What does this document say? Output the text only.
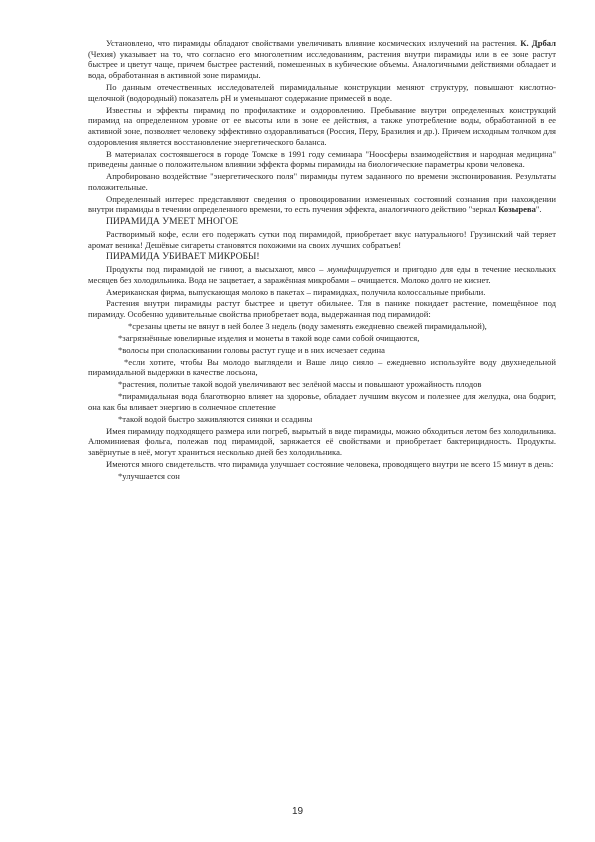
Установлено, что пирамиды обладают свойствами увеличивать влияние космических излучений на растения. К. Дрбал (Чехия) указывает на то, что согласно его многолетним исследованиям, растения внутри пирамиды или в ее зоне растут быстрее и цветут чаще, причем быстрее растений, помешенных в кубические объемы. Аналогичными действиями обладает и вода, обработанная в активной зоне пирамиды.

По данным отечественных исследователей пирамидальные конструкции меняют структуру, повышают кислотно-щелочной (водородный) показатель рН и уменьшают содержание примесей в воде.

Известны и эффекты пирамид по профилактике и оздоровлению. Пребывание внутри определенных конструкций пирамид на определенном уровне от ее высоты или в зоне ее действия, а также употребление воды, обработанной в ее активной зоне, позволяет человеку эффективно оздоравливаться (Россия, Перу, Бразилия и др.). Причем исходным толчком для оздоровления является восстановление энергетического баланса.

В материалах состоявшегося в городе Томске в 1991 году семинара "Ноосферы взаимодействия и народная медицина" приведены данные о положительном влиянии эффекта формы пирамиды на биологические параметры крови человека.

Апробировано воздействие "энергетического поля" пирамиды путем заданного по времени экспонирования. Результаты положительные.

Определенный интерес представляют сведения о провоцировании измененных состояний сознания при нахождении внутри пирамиды в течении определенного времени, то есть пучения эффекта, аналогичного действию "зеркал Козырева".

ПИРАМИДА УМЕЕТ МНОГОЕ

Растворимый кофе, если его подержать сутки под пирамидой, приобретает вкус натурального! Грузинский чай теряет аромат веника! Дешёвые сигареты становятся похожими на своих лучших собратьев!

ПИРАМИДА УБИВАЕТ МИКРОБЫ!

Продукты под пирамидой не гниют, а высыхают, мясо – мумифицируется и пригодно для еды в течение нескольких месяцев без холодильника. Вода не зацветает, а заражённая микробами – очищается. Молоко долго не киснет.

Американская фирма, выпускающая молоко в пакетах – пирамидках, получила колоссальные прибыли.

Растения внутри пирамиды растут быстрее и цветут обильнее. Тля в панике покидает растение, помещённое под пирамиду. Особенно удивительные свойства приобретает вода, выдержанная под пирамидой:

*срезаны цветы не вянут в ней более 3 недель (воду заменять ежедневно свежей пирамидальной),

*загрязнённые ювелирные изделия и монеты в такой воде сами собой очищаются,

*волосы при споласкивании головы растут гуще и в них исчезает седина

*если хотите, чтобы Вы молодо выглядели и Ваше лицо сияло – ежедневно используйте воду двухнедельной пирамидальной выдержки в качестве лосьона,

*растения, политые такой водой увеличивают вес зелёной массы и повышают урожайность плодов

*пирамидальная вода благотворно влияет на здоровье, обладает лучшим вкусом и полезнее для желудка, она бодрит, она как бы вливает энергию в солнечное сплетение

*такой водой быстро заживляются синяки и ссадины

Имея пирамиду подходящего размера или погреб, вырытый в виде пирамиды, можно обходиться летом без холодильника. Алюминиевая фольга, полежав под пирамидой, заряжается её свойствами и приобретает бактерицидность. Продукты. завёрнутые в неё, могут храниться несколько дней без холодильника.

Имеются много свидетельств. что пирамида улучшает состояние человека, проводящего внутри не всего 15 минут в день:

*улучшается сон

19
